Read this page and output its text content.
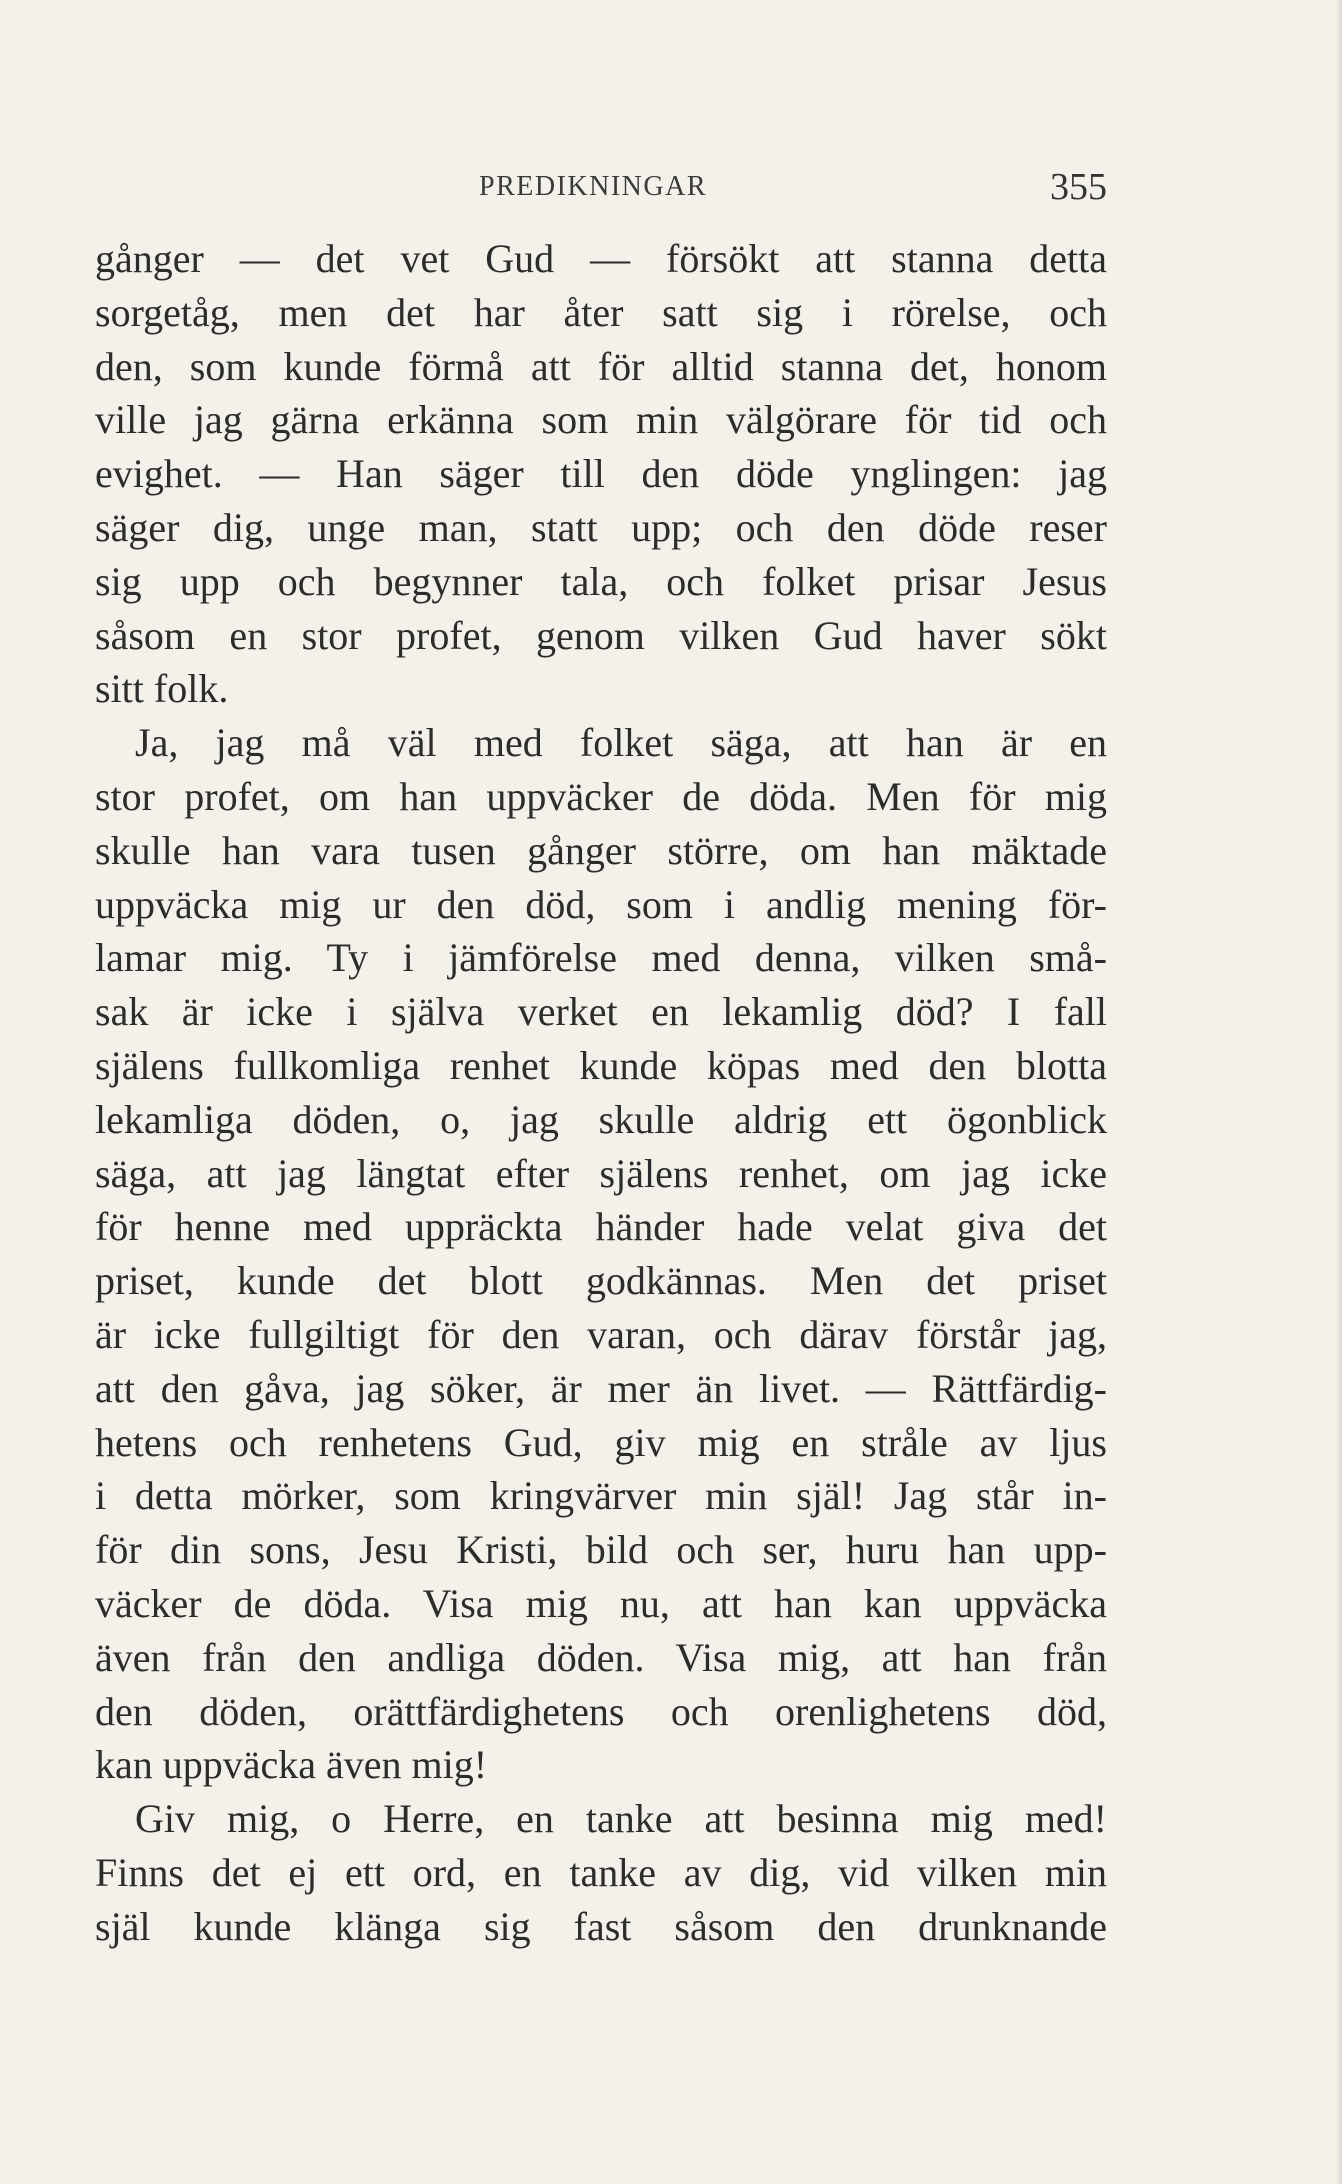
PREDIKNINGAR	355

gånger — det vet Gud — försökt att stanna detta
sorgetåg, men det har åter satt sig i rörelse, och
den, som kunde förmå att för alltid stanna det, honom
ville jag gärna erkänna som min välgörare för tid och
evighet. — Han säger till den döde ynglingen: jag
säger dig, unge man, statt upp; och den döde reser
sig upp och begynner tala, och folket prisar Jesus
såsom en stor profet, genom vilken Gud haver sökt
sitt folk.

Ja, jag må väl med folket säga, att han är en
stor profet, om han uppväcker de döda. Men för mig
skulle han vara tusen gånger större, om han mäktade
uppväcka mig ur den död, som i andlig mening för-
lamar mig. Ty i jämförelse med denna, vilken små-
sak är icke i själva verket en lekamlig död? I fall
själens fullkomliga renhet kunde köpas med den blotta
lekamliga döden, o, jag skulle aldrig ett ögonblick
säga, att jag längtat efter själens renhet, om jag icke
för henne med uppräckta händer hade velat giva det
priset, kunde det blott godkännas. Men det priset
är icke fullgiltigt för den varan, och därav förstår jag,
att den gåva, jag söker, är mer än livet. — Rättfärdig-
hetens och renhetens Gud, giv mig en stråle av ljus
i detta mörker, som kringvärver min själ! Jag står in-
för din sons, Jesu Kristi, bild och ser, huru han upp-
väcker de döda. Visa mig nu, att han kan uppväcka
även från den andliga döden. Visa mig, att han från
den döden, orättfärdighetens och orenlighetens död,
kan uppväcka även mig!

Giv mig, o Herre, en tanke att besinna mig med!
Finns det ej ett ord, en tanke av dig, vid vilken min
själ kunde klänga sig fast såsom den drunknande
